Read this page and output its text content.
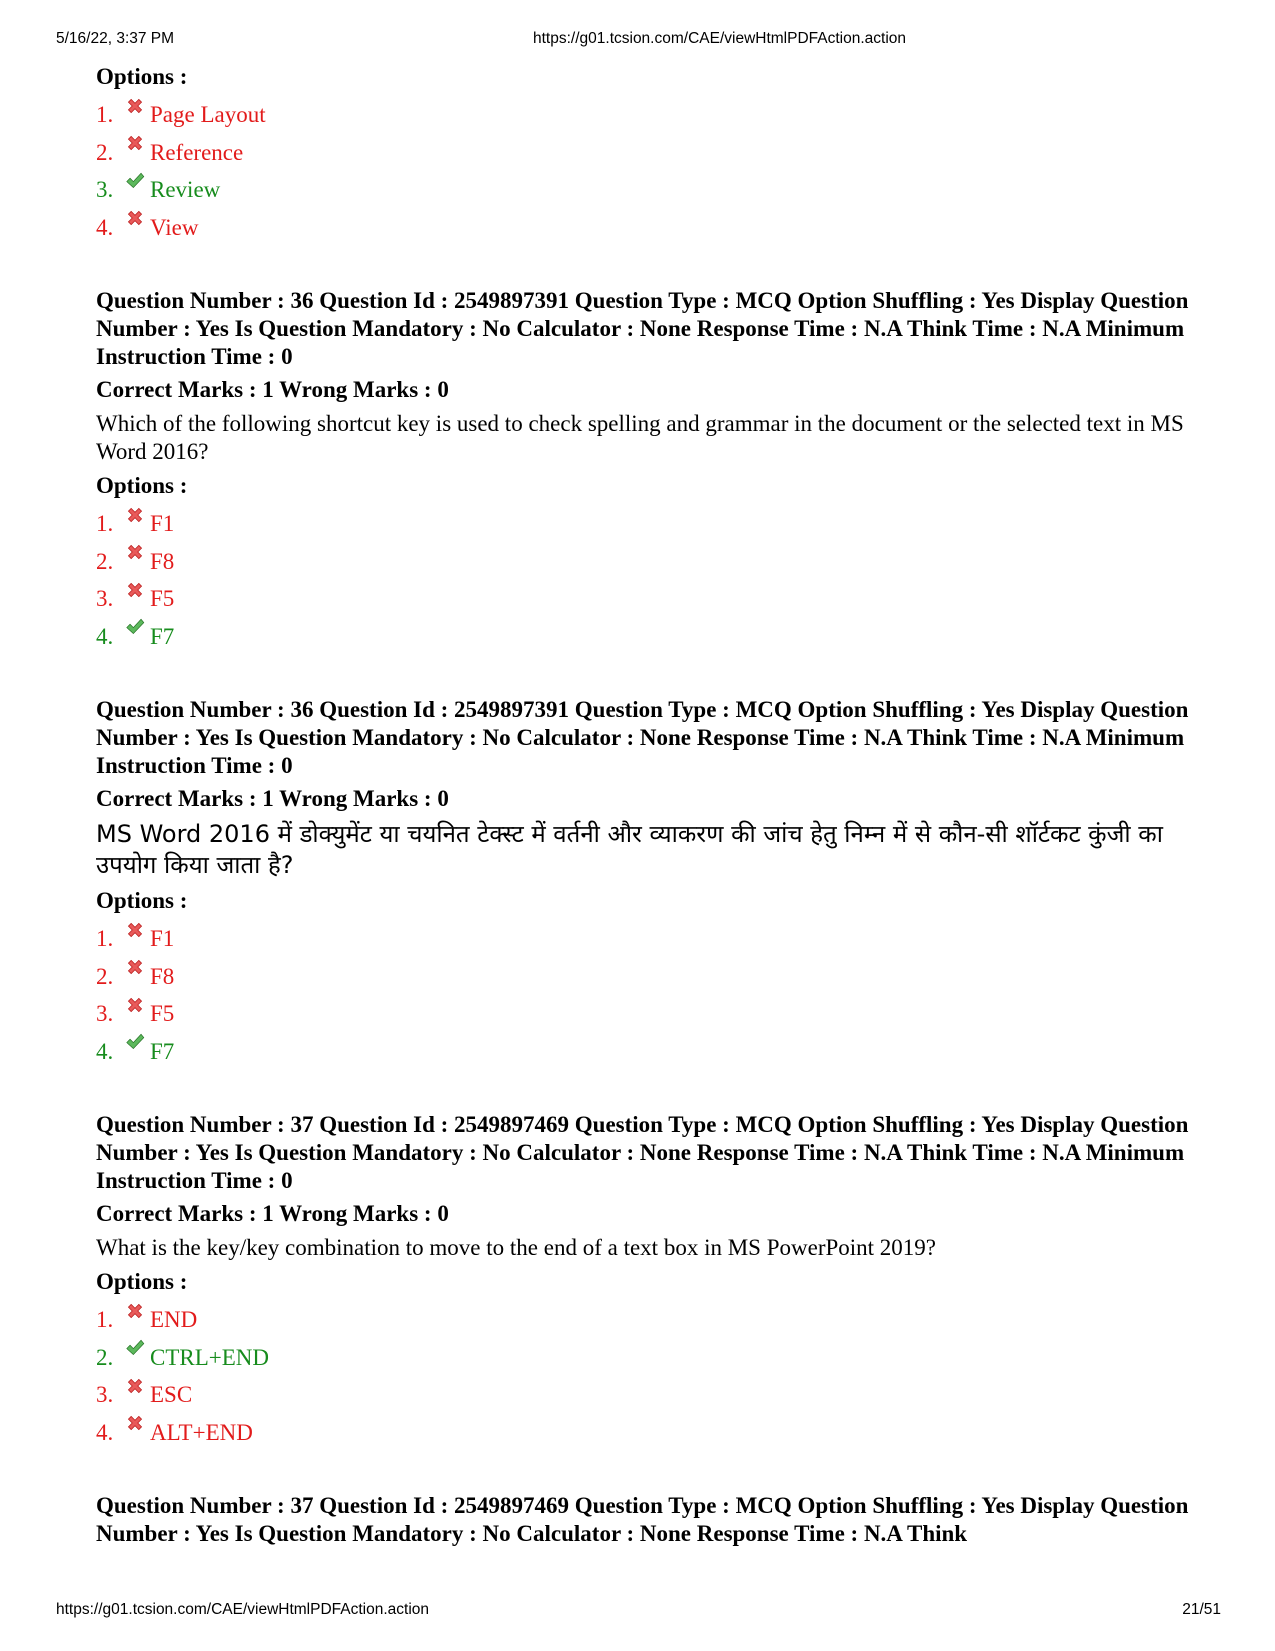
5/16/22, 3:37 PM	https://g01.tcsion.com/CAE/viewHtmlPDFAction.action
Options :
1.	Page Layout
2.	Reference
3.	Review
4.	View

Question Number : 36 Question Id : 2549897391 Question Type : MCQ Option Shuffling : Yes Display Question Number : Yes Is Question Mandatory : No Calculator : None Response Time : N.A Think Time : N.A Minimum Instruction Time : 0

Correct Marks : 1 Wrong Marks : 0

Which of the following shortcut key is used to check spelling and grammar in the document or the selected text in MS Word 2016?

Options :
1.	F1
2.	F8
3.	F5
4.	F7

Question Number : 36 Question Id : 2549897391 Question Type : MCQ Option Shuffling : Yes Display Question Number : Yes Is Question Mandatory : No Calculator : None Response Time : N.A Think Time : N.A Minimum Instruction Time : 0

Correct Marks : 1 Wrong Marks : 0

MS Word 2016 में डोक्युमेंट या चयनित टेक्स्ट में वर्तनी और व्याकरण की जांच हेतु निम्न में से कौन-सी शॉर्टकट कुंजी का उपयोग किया जाता है?

Options :
1.	F1
2.	F8
3.	F5
4.	F7

Question Number : 37 Question Id : 2549897469 Question Type : MCQ Option Shuffling : Yes Display Question Number : Yes Is Question Mandatory : No Calculator : None Response Time : N.A Think Time : N.A Minimum Instruction Time : 0

Correct Marks : 1 Wrong Marks : 0

What is the key/key combination to move to the end of a text box in MS PowerPoint 2019?

Options :
1.	END
2.	CTRL+END
3.	ESC
4.	ALT+END

Question Number : 37 Question Id : 2549897469 Question Type : MCQ Option Shuffling : Yes Display Question Number : Yes Is Question Mandatory : No Calculator : None Response Time : N.A Think

https://g01.tcsion.com/CAE/viewHtmlPDFAction.action	21/51
